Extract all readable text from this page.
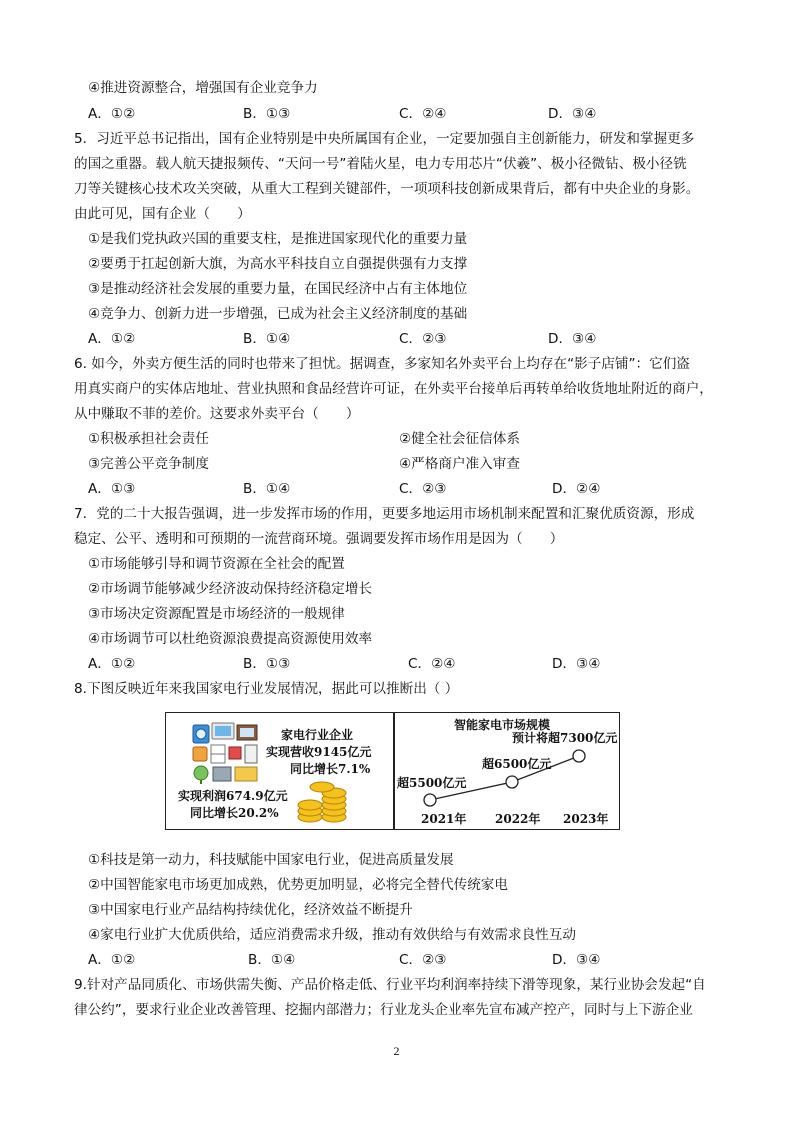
④推进资源整合，增强国有企业竞争力
A．①②	B．①③	C．②④	D．③④
5．习近平总书记指出，国有企业特别是中央所属国有企业，一定要加强自主创新能力，研发和掌握更多
的国之重器。载人航天捷报频传、“天问一号”着陆火星，电力专用芯片“伏羲”、极小径微钻、极小径铣
刀等关键核心技术攻关突破，从重大工程到关键部件，一项项科技创新成果背后，都有中央企业的身影。
由此可见，国有企业（　　）
①是我们党执政兴国的重要支柱，是推进国家现代化的重要力量
②要勇于扛起创新大旗，为高水平科技自立自强提供强有力支撑
③是推动经济社会发展的重要力量，在国民经济中占有主体地位
④竞争力、创新力进一步增强，已成为社会主义经济制度的基础
A．①②	B．①④	C．②③	D．③④
6. 如今，外卖方便生活的同时也带来了担忧。据调查，多家知名外卖平台上均存在“影子店铺”：它们盗
用真实商户的实体店地址、营业执照和食品经营许可证，在外卖平台接单后再转单给收货地址附近的商户，
从中赚取不菲的差价。这要求外卖平台（　　）
①积极承担社会责任	②健全社会征信体系
③完善公平竞争制度	④严格商户准入审查
A．①③	B．①④	C．②③	D．②④
7．党的二十大报告强调，进一步发挥市场的作用，更要多地运用市场机制来配置和汇聚优质资源，形成
稳定、公平、透明和可预期的一流营商环境。强调要发挥市场作用是因为（　　）
①市场能够引导和调节资源在全社会的配置
②市场调节能够减少经济波动保持经济稳定增长
③市场决定资源配置是市场经济的一般规律
④市场调节可以杜绝资源浪费提高资源使用效率
A．①②	B．①③	C．②④	D．③④
8.下图反映近年来我国家电行业发展情况，据此可以推断出（ ）
家电行业企业
实现营收9145亿元
同比增长7.1%
实现利润674.9亿元
同比增长20.2%
智能家电市场规模
超5500亿元
超6500亿元
预计将超7300亿元
2021年 2022年 2023年
①科技是第一动力，科技赋能中国家电行业，促进高质量发展
②中国智能家电市场更加成熟，优势更加明显，必将完全替代传统家电
③中国家电行业产品结构持续优化，经济效益不断提升
④家电行业扩大优质供给，适应消费需求升级，推动有效供给与有效需求良性互动
A．①②	B．①④	C．②③	D．③④
9.针对产品同质化、市场供需失衡、产品价格走低、行业平均利润率持续下滑等现象，某行业协会发起“自
律公约”，要求行业企业改善管理、挖掘内部潜力；行业龙头企业率先宣布减产控产，同时与上下游企业
2
